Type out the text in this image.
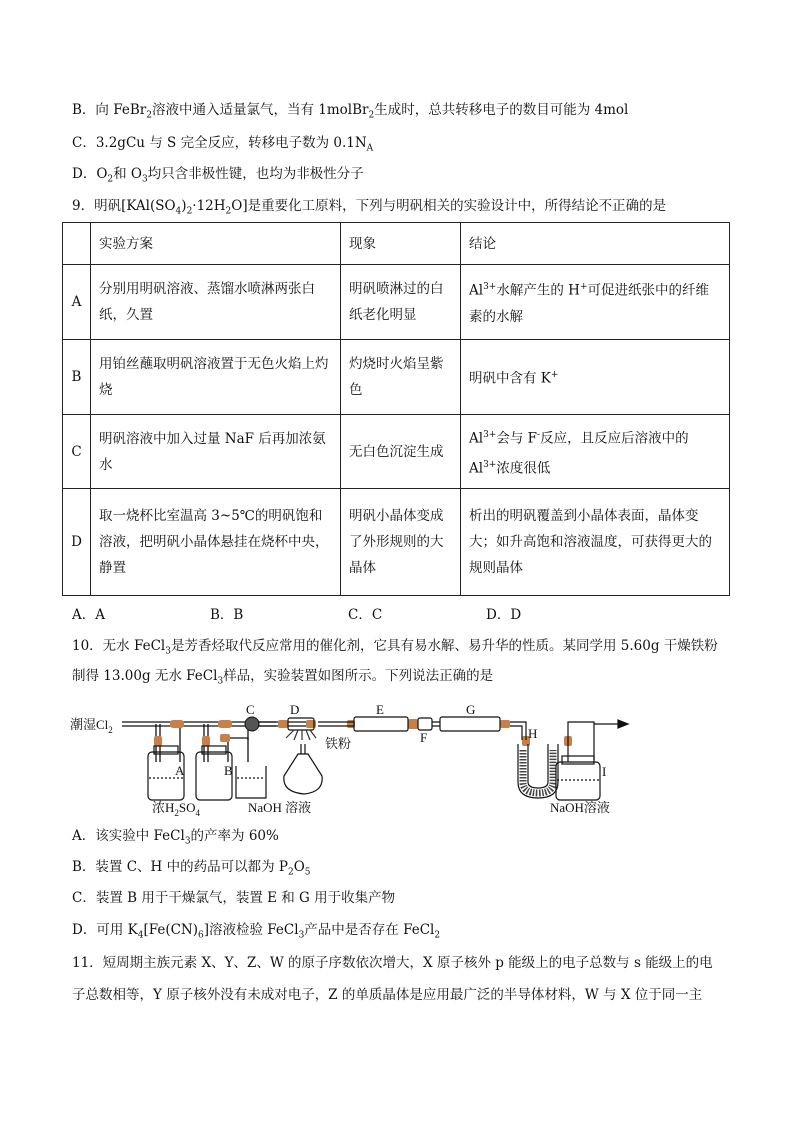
B．向 FeBr$_2$溶液中通入适量氯气，当有 1molBr$_2$生成时，总共转移电子的数目可能为 4mol
C．3.2gCu 与 S 完全反应，转移电子数为 $0.1N_A$
D．$O_2$和 $O_3$均只含非极性键，也均为非极性分子
9．明矾$[KAl(SO_4)_2\cdot 12H_2O]$是重要化工原料，下列与明矾相关的实验设计中，所得结论不正确的是
	实验方案	现象	结论
A	分别用明矾溶液、蒸馏水喷淋两张白纸，久置	明矾喷淋过的白纸老化明显	$Al^{3+}$水解产生的 H+可促进纸张中的纤维素的水解
B	用铂丝蘸取明矾溶液置于无色火焰上灼烧	灼烧时火焰呈紫色	明矾中含有 K+
C	明矾溶液中加入过量 NaF 后再加浓氨水	无白色沉淀生成	$Al^{3+}$会与 F-反应，且反应后溶液中的 $Al^{3+}$浓度很低
D	取一烧杯比室温高 3~5℃的明矾饱和溶液，把明矾小晶体悬挂在烧杯中央，静置	明矾小晶体变成了外形规则的大晶体	析出的明矾覆盖到小晶体表面，晶体变大；如升高饱和溶液温度，可获得更大的规则晶体
A．A	B．B	C．C	D．D
10．无水 FeCl$_3$是芳香烃取代反应常用的催化剂，它具有易水解、易升华的性质。某同学用 5.60g 干燥铁粉
制得 13.00g 无水 FeCl$_3$样品，实验装置如图所示。下列说法正确的是
潮湿$Cl_2$
A	B
浓$H_2SO_4$	NaOH 溶液
C	D
铁粉
E
F
G
H
I
NaOH溶液
A．该实验中 FeCl$_3$的产率为 60%
B．装置 C、H 中的药品可以都为 $P_2O_5$
C．装置 B 用于干燥氯气，装置 E 和 G 用于收集产物
D．可用 $K_4[Fe(CN)_6]$溶液检验 FeCl$_3$产品中是否存在 FeCl$_2$
11．短周期主族元素 X、Y、Z、W 的原子序数依次增大，X 原子核外 p 能级上的电子总数与 s 能级上的电
子总数相等，Y 原子核外没有未成对电子，Z 的单质晶体是应用最广泛的半导体材料，W 与 X 位于同一主
